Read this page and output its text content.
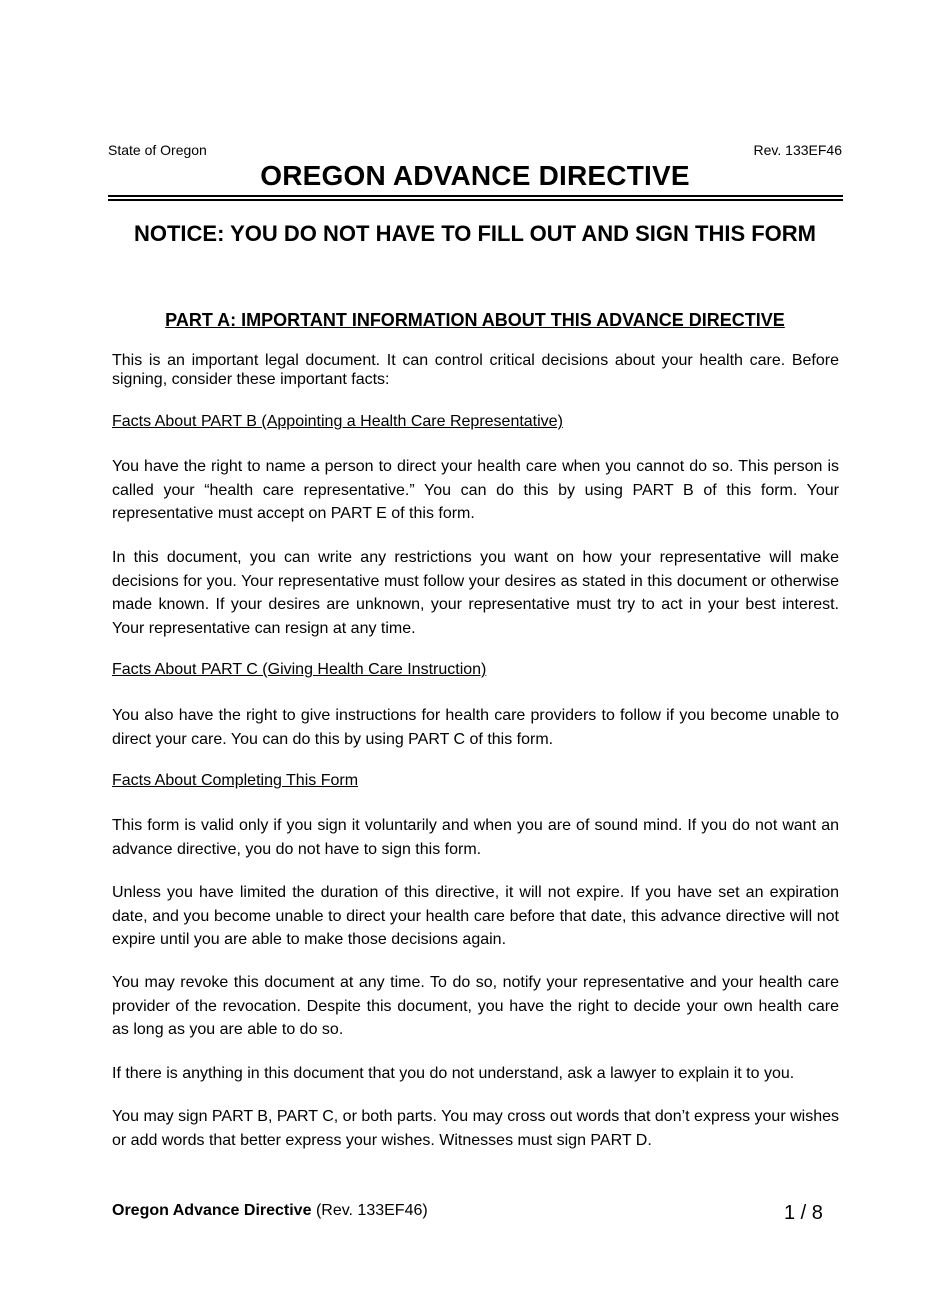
State of Oregon	Rev. 133EF46
OREGON ADVANCE DIRECTIVE
NOTICE: YOU DO NOT HAVE TO FILL OUT AND SIGN THIS FORM
PART A: IMPORTANT INFORMATION ABOUT THIS ADVANCE DIRECTIVE
This is an important legal document. It can control critical decisions about your health care. Before signing, consider these important facts:
Facts About PART B (Appointing a Health Care Representative)
You have the right to name a person to direct your health care when you cannot do so. This person is called your “health care representative.” You can do this by using PART B of this form. Your representative must accept on PART E of this form.
In this document, you can write any restrictions you want on how your representative will make decisions for you. Your representative must follow your desires as stated in this document or otherwise made known. If your desires are unknown, your representative must try to act in your best interest. Your representative can resign at any time.
Facts About PART C (Giving Health Care Instruction)
You also have the right to give instructions for health care providers to follow if you become unable to direct your care. You can do this by using PART C of this form.
Facts About Completing This Form
This form is valid only if you sign it voluntarily and when you are of sound mind. If you do not want an advance directive, you do not have to sign this form.
Unless you have limited the duration of this directive, it will not expire. If you have set an expiration date, and you become unable to direct your health care before that date, this advance directive will not expire until you are able to make those decisions again.
You may revoke this document at any time. To do so, notify your representative and your health care provider of the revocation. Despite this document, you have the right to decide your own health care as long as you are able to do so.
If there is anything in this document that you do not understand, ask a lawyer to explain it to you.
You may sign PART B, PART C, or both parts. You may cross out words that don’t express your wishes or add words that better express your wishes. Witnesses must sign PART D.
Oregon Advance Directive (Rev. 133EF46)	1 / 8
